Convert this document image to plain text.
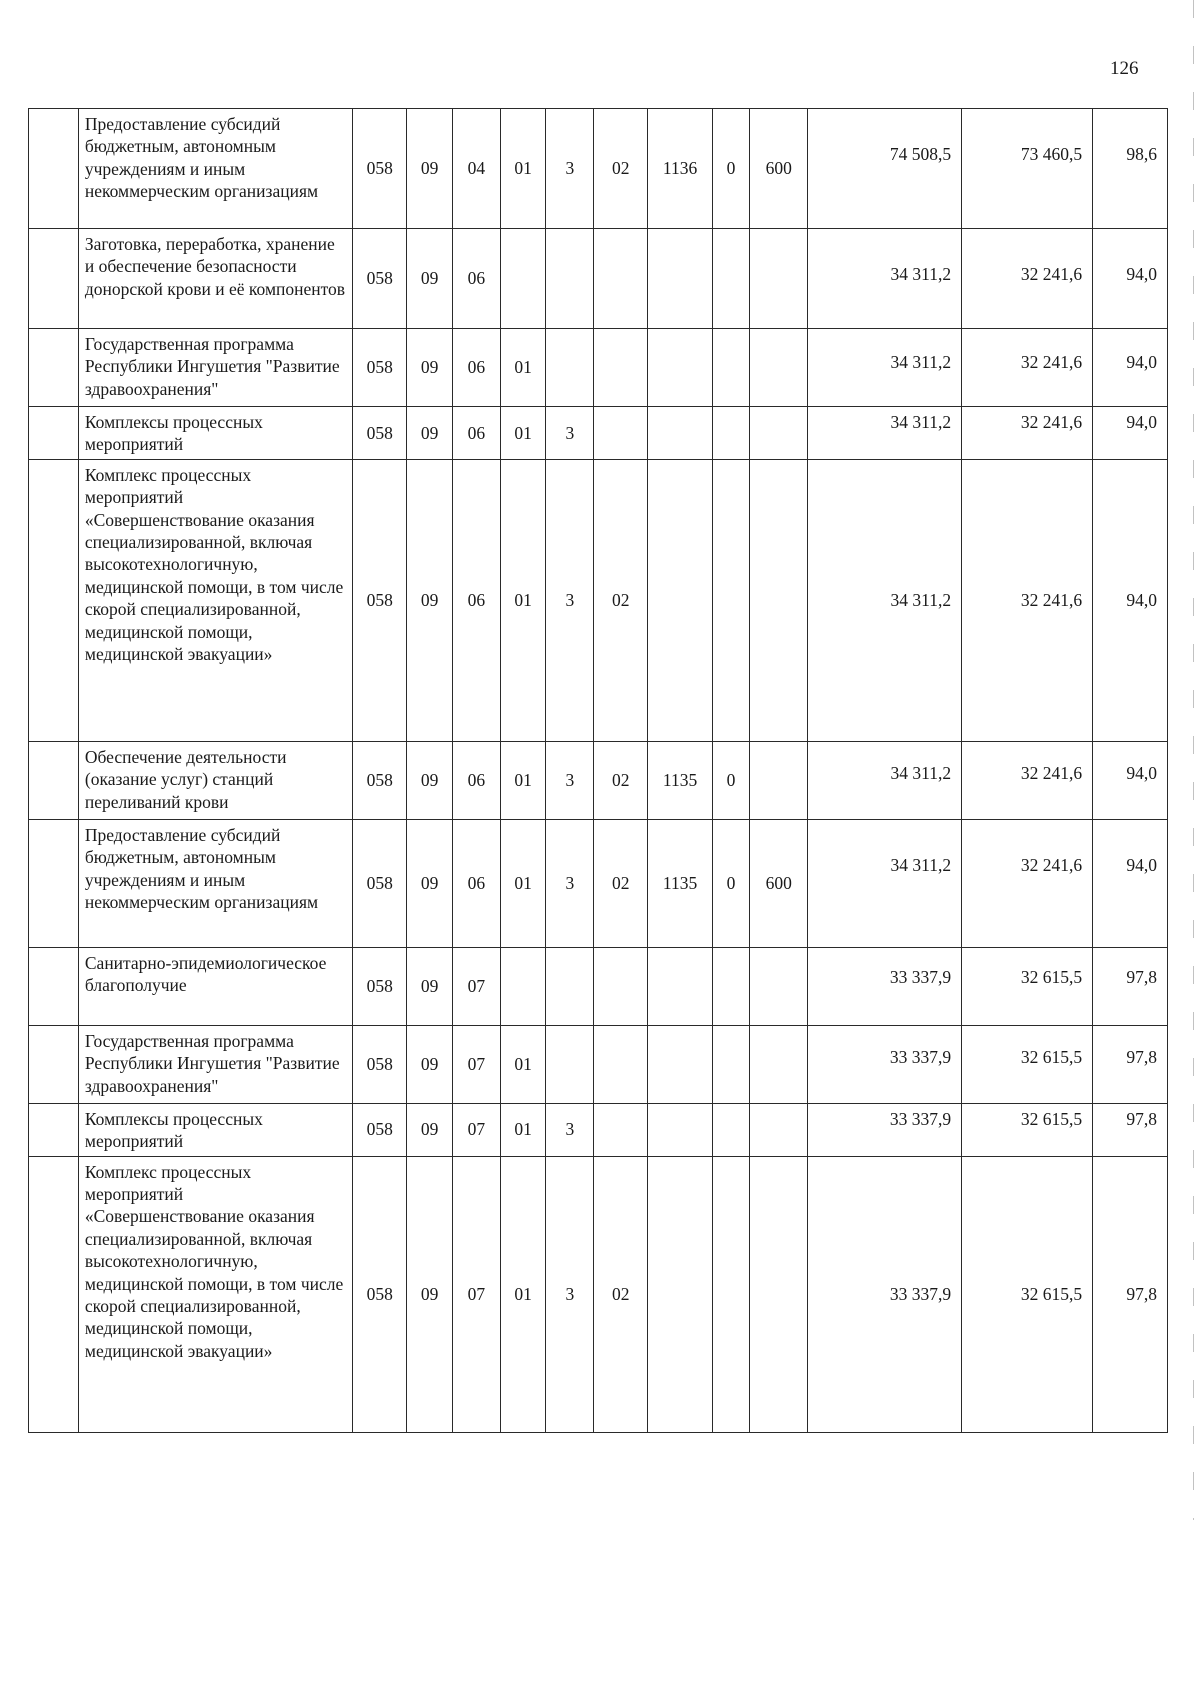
126
	Предоставление субсидий бюджетным, автономным учреждениям и иным некоммерческим организациям	058	09	04	01	3	02	1136	0	600	74 508,5	73 460,5	98,6
	Заготовка, переработка, хранение и обеспечение безопасности донорской крови и её компонентов	058	09	06							34 311,2	32 241,6	94,0
	Государственная программа Республики Ингушетия "Развитие здравоохранения"	058	09	06	01						34 311,2	32 241,6	94,0
	Комплексы процессных мероприятий	058	09	06	01	3					34 311,2	32 241,6	94,0
	Комплекс процессных мероприятий «Совершенствование оказания специализированной, включая высокотехнологичную, медицинской помощи, в том числе скорой специализированной, медицинской помощи, медицинской эвакуации»	058	09	06	01	3	02				34 311,2	32 241,6	94,0
	Обеспечение деятельности (оказание услуг) станций переливаний крови	058	09	06	01	3	02	1135	0		34 311,2	32 241,6	94,0
	Предоставление субсидий бюджетным, автономным учреждениям и иным некоммерческим организациям	058	09	06	01	3	02	1135	0	600	34 311,2	32 241,6	94,0
	Санитарно-эпидемиологическое благополучие	058	09	07							33 337,9	32 615,5	97,8
	Государственная программа Республики Ингушетия "Развитие здравоохранения"	058	09	07	01						33 337,9	32 615,5	97,8
	Комплексы процессных мероприятий	058	09	07	01	3					33 337,9	32 615,5	97,8
	Комплекс процессных мероприятий «Совершенствование оказания специализированной, включая высокотехнологичную, медицинской помощи, в том числе скорой специализированной, медицинской помощи, медицинской эвакуации»	058	09	07	01	3	02				33 337,9	32 615,5	97,8
